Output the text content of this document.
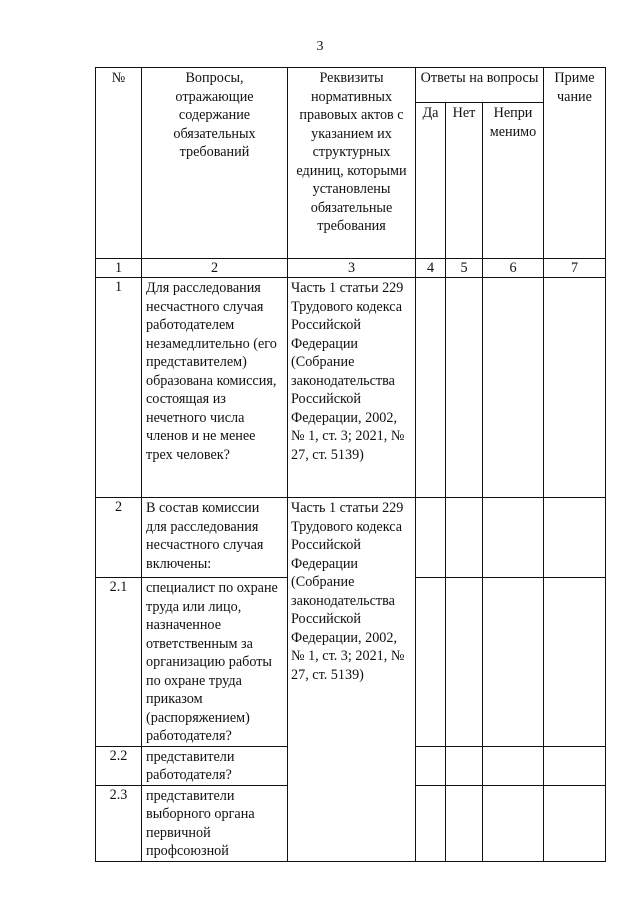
3
№	Вопросы, отражающие содержание обязательных требований	Реквизиты нормативных правовых актов с указанием их структурных единиц, которыми установлены обязательные требования	Ответы на вопросы			Приме чание
			Да	Нет	Непри менимо	
1	2	3	4	5	6	7
1	Для расследования несчастного случая работодателем незамедлительно (его представителем) образована комиссия, состоящая из нечетного числа членов и не менее трех человек?	Часть 1 статьи 229 Трудового кодекса Российской Федерации (Собрание законодательства Российской Федерации, 2002, № 1, ст. 3; 2021, № 27, ст. 5139)				
2	В состав комиссии для расследования несчастного случая включены:	Часть 1 статьи 229 Трудового кодекса Российской Федерации (Собрание законодательства Российской Федерации, 2002, № 1, ст. 3; 2021, № 27, ст. 5139)				
2.1	специалист по охране труда или лицо, назначенное ответственным за организацию работы по охране труда приказом (распоряжением) работодателя?					
2.2	представители работодателя?					
2.3	представители выборного органа первичной профсоюзной					
